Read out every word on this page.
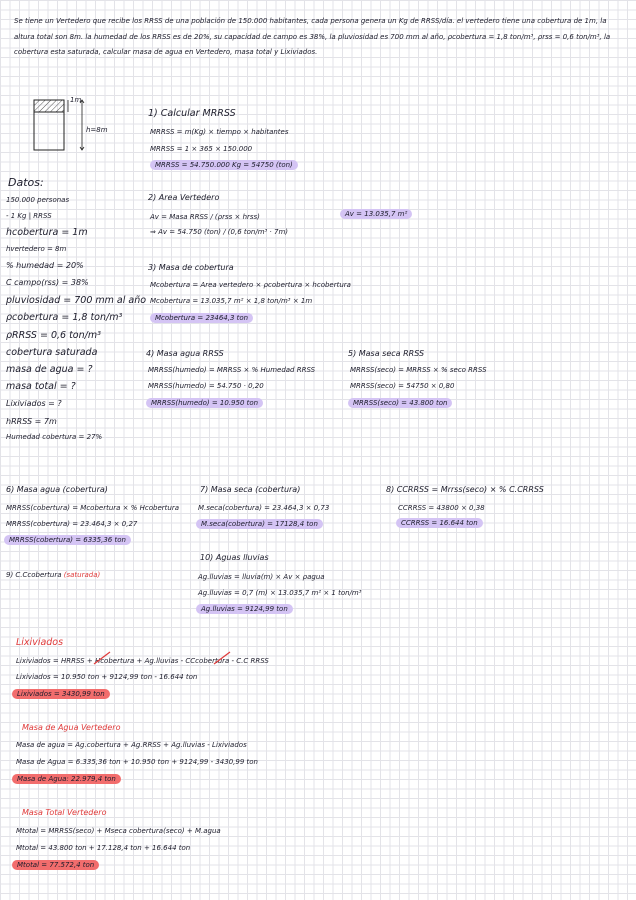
Se tiene un Vertedero que recibe los RRSS de una población de 150.000 habitantes, cada persona genera un Kg de RRSS/día. el vertedero tiene una cobertura de 1m, la altura total son 8m. la humedad de los RRSS es de 20%, su capacidad de campo es 38%, la pluviosidad es 700 mm al año, ρcobertura = 1,8 ton/m³, ρrss = 0,6 ton/m³, la cobertura esta saturada, calcular masa de agua en Vertedero, masa total y Lixiviados.
1m
h=8m
Datos:
150.000 personas
- 1 Kg | RRSS
hcobertura = 1m
hvertedero = 8m
% humedad = 20%
C campo(rss) = 38%
pluviosidad = 700 mm al año
ρcobertura = 1,8 ton/m³
ρRRSS = 0,6 ton/m³
cobertura saturada
masa de agua = ?
masa total = ?
Lixiviados = ?
hRRSS = 7m
Humedad cobertura = 27%
1) Calcular MRRSS
MRRSS = m(Kg) × tiempo × habitantes
MRRSS = 1 × 365 × 150.000
MRRSS = 54.750.000 Kg = 54750 (ton)
2) Area Vertedero
Av = Masa RRSS / (ρrss × hrss)
⇒ Av = 54.750 (ton) / (0,6 ton/m³ · 7m)
Av = 13.035,7 m²
3) Masa de cobertura
Mcobertura = Area vertedero × ρcobertura × hcobertura
Mcobertura = 13.035,7 m² × 1,8 ton/m³ × 1m
Mcobertura = 23464,3 ton
4) Masa agua RRSS
MRRSS(humedo) = MRRSS × % Humedad RRSS
MRRSS(humedo) = 54.750 · 0,20
MRRSS(humedo) = 10.950 ton
5) Masa seca RRSS
MRRSS(seco) = MRRSS × % seco RRSS
MRRSS(seco) = 54750 × 0,80
MRRSS(seco) = 43.800 ton
6) Masa agua (cobertura)
MRRSS(cobertura) = Mcobertura × % Hcobertura
MRRSS(cobertura) = 23.464,3 × 0,27
MRRSS(cobertura) = 6335,36 ton
7) Masa seca (cobertura)
M.seca(cobertura) = 23.464,3 × 0,73
M.seca(cobertura) = 17128,4 ton
8) CCRRSS = Mrrss(seco) × % C.CRRSS
CCRRSS = 43800 × 0,38
CCRRSS = 16.644 ton
9) C.Ccobertura (saturada)
10) Aguas lluvias
Ag.lluvias = lluvia(m) × Av × ρagua
Ag.lluvias = 0,7 (m) × 13.035,7 m² × 1 ton/m³
Ag.lluvias = 9124,99 ton
Lixiviados
Lixiviados = HRRSS + Hcobertura + Ag.lluvias - CCcobertura - C.C RRSS
Lixiviados = 10.950 ton + 9124,99 ton - 16.644 ton
Lixiviados = 3430,99 ton
Masa de Agua Vertedero
Masa de agua = Ag.cobertura + Ag.RRSS + Ag.lluvias - Lixiviados
Masa de Agua = 6.335,36 ton + 10.950 ton + 9124,99 - 3430,99 ton
Masa de Agua: 22.979,4 ton
Masa Total Vertedero
Mtotal = MRRSS(seco) + Mseca cobertura(seco) + M.agua
Mtotal = 43.800 ton + 17.128,4 ton + 16.644 ton
Mtotal = 77.572,4 ton
